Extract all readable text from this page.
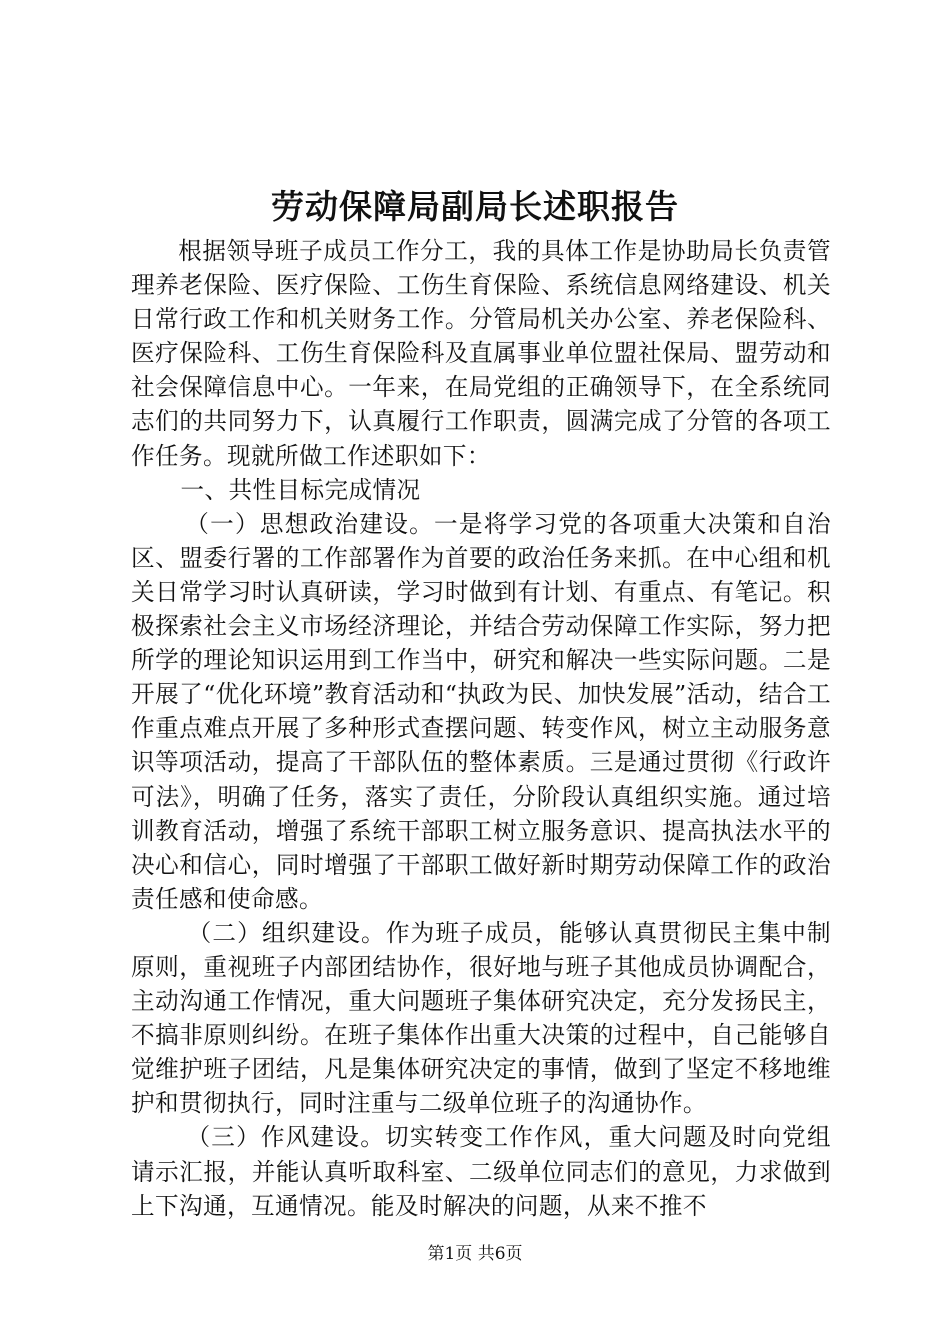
劳动保障局副局长述职报告

根据领导班子成员工作分工，我的具体工作是协助局长负责管理养老保险、医疗保险、工伤生育保险、系统信息网络建设、机关日常行政工作和机关财务工作。分管局机关办公室、养老保险科、医疗保险科、工伤生育保险科及直属事业单位盟社保局、盟劳动和社会保障信息中心。一年来，在局党组的正确领导下，在全系统同志们的共同努力下，认真履行工作职责，圆满完成了分管的各项工作任务。现就所做工作述职如下：

一、共性目标完成情况

（一）思想政治建设。一是将学习党的各项重大决策和自治区、盟委行署的工作部署作为首要的政治任务来抓。在中心组和机关日常学习时认真研读，学习时做到有计划、有重点、有笔记。积极探索社会主义市场经济理论，并结合劳动保障工作实际，努力把所学的理论知识运用到工作当中，研究和解决一些实际问题。二是开展了“优化环境”教育活动和“执政为民、加快发展”活动，结合工作重点难点开展了多种形式查摆问题、转变作风，树立主动服务意识等项活动，提高了干部队伍的整体素质。三是通过贯彻《行政许可法》，明确了任务，落实了责任，分阶段认真组织实施。通过培训教育活动，增强了系统干部职工树立服务意识、提高执法水平的决心和信心，同时增强了干部职工做好新时期劳动保障工作的政治责任感和使命感。

（二）组织建设。作为班子成员，能够认真贯彻民主集中制原则，重视班子内部团结协作，很好地与班子其他成员协调配合，主动沟通工作情况，重大问题班子集体研究决定，充分发扬民主，不搞非原则纠纷。在班子集体作出重大决策的过程中，自己能够自觉维护班子团结，凡是集体研究决定的事情，做到了坚定不移地维护和贯彻执行，同时注重与二级单位班子的沟通协作。

（三）作风建设。切实转变工作作风，重大问题及时向党组请示汇报，并能认真听取科室、二级单位同志们的意见，力求做到上下沟通，互通情况。能及时解决的问题，从来不推不

第1页 共6页
